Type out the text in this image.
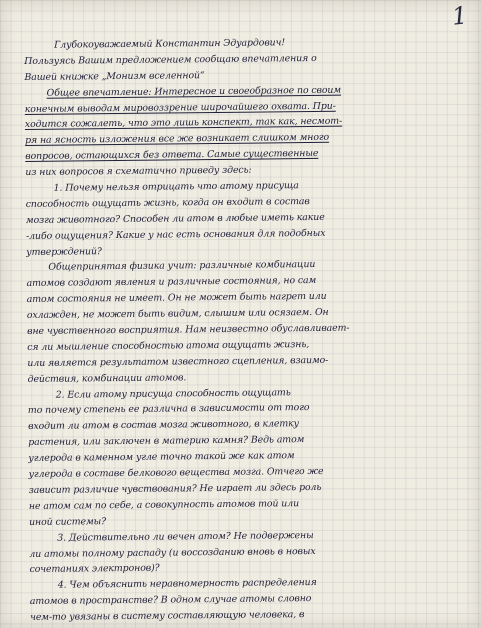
1
Глубокоуважаемый Константин Эдуардович!
Пользуясь Вашим предложением сообщаю впечатления о
Вашей книжке „Монизм вселенной“
Общее впечатление: Интересное и своеобразное по своим
конечным выводам мировоззрение широчайшего охвата. При-
ходится сожалеть, что это лишь конспект, так как, несмот-
ря на ясность изложения все же возникает слишком много
вопросов, остающихся без ответа. Самые существенные
из них вопросов я схематично приведу здесь:
1. Почему нельзя отрицать что атому присуща
способность ощущать жизнь, когда он входит в состав
мозга животного? Способен ли атом в любые иметь какие
-либо ощущения? Какие у нас есть основания для подобных
утверждений?
Общепринятая физика учит: различные комбинации
атомов создают явления и различные состояния, но сам
атом состояния не имеет. Он не может быть нагрет или
охлажден, не может быть видим, слышим или осязаем. Он
вне чувственного восприятия. Нам неизвестно обуславливает-
ся ли мышление способностью атома ощущать жизнь,
или является результатом известного сцепления, взаимо-
действия, комбинации атомов.
2. Если атому присуща способность ощущать
то почему степень ее различна в зависимости от того
входит ли атом в состав мозга животного, в клетку
растения, или заключен в материю камня? Ведь атом
углерода в каменном угле точно такой же как атом
углерода в составе белкового вещества мозга. Отчего же
зависит различие чувствования? Не играет ли здесь роль
не атом сам по себе, а совокупность атомов той или
иной системы?
3. Действительно ли вечен атом? Не подвержены
ли атомы полному распаду (и воссозданию вновь в новых
сочетаниях электронов)?
4. Чем объяснить неравномерность распределения
атомов в пространстве? В одном случае атомы словно
чем-то увязаны в систему составляющую человека, в
